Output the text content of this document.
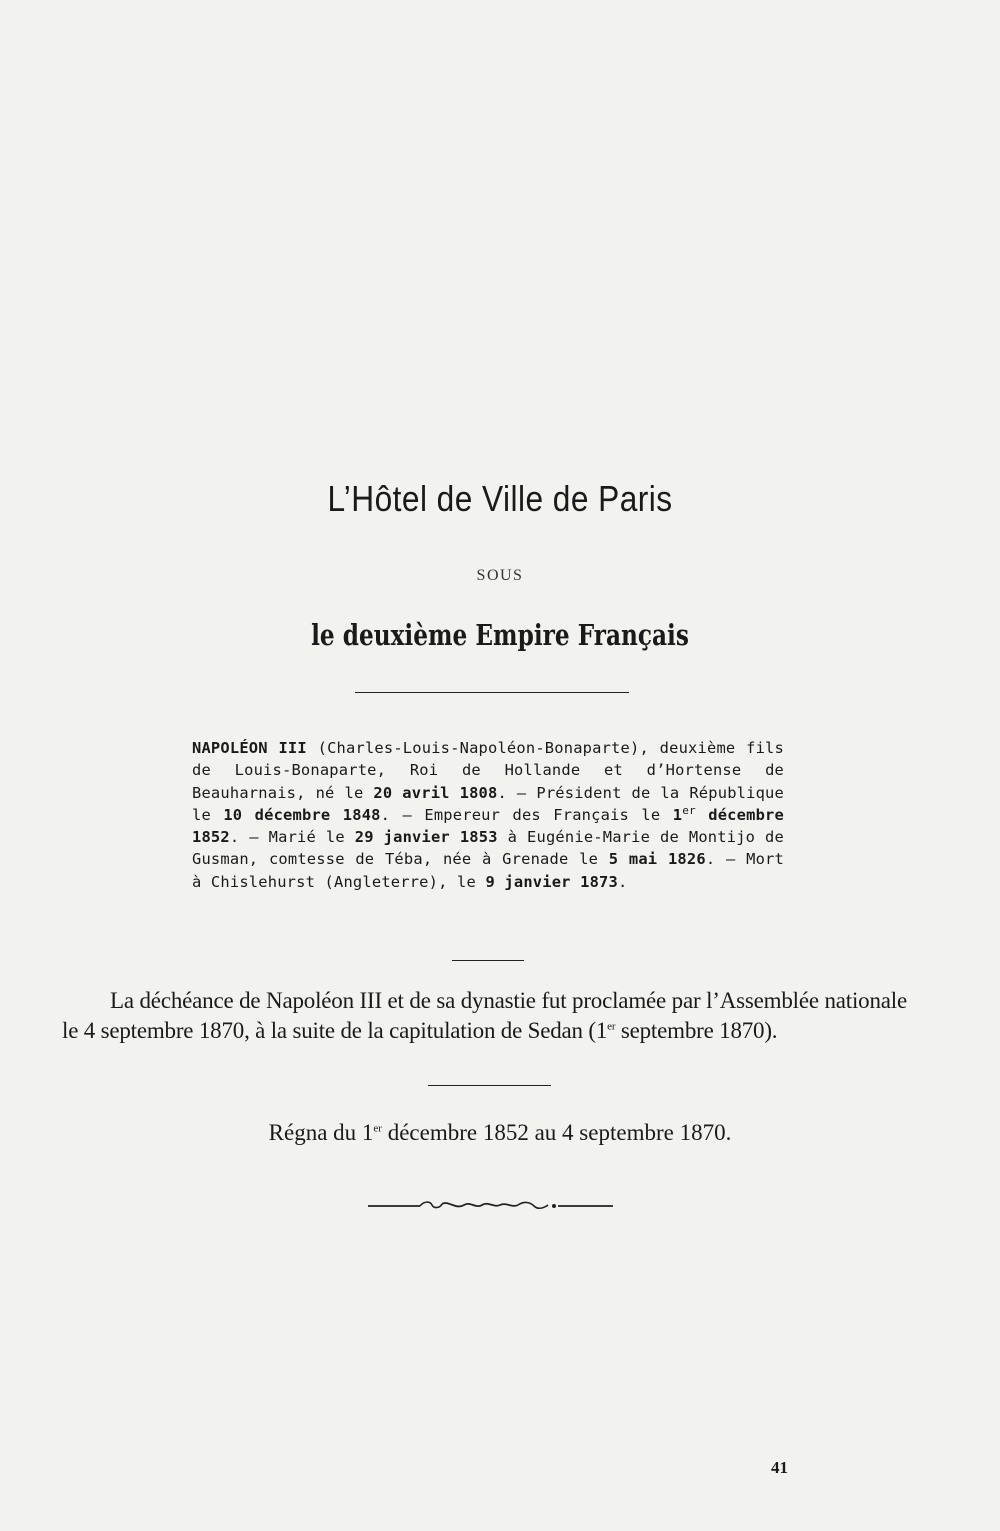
L’Hôtel de Ville de Paris
SOUS
le deuxième Empire Français

NAPOLÉON III (Charles-Louis-Napoléon-Bonaparte), deuxième fils de Louis-Bonaparte, Roi de Hollande et d’Hortense de Beauharnais, né le 20 avril 1808. — Président de la République le 10 décembre 1848. — Empereur des Français le 1er décembre 1852. — Marié le 29 janvier 1853 à Eugénie-Marie de Montijo de Gusman, comtesse de Téba, née à Grenade le 5 mai 1826. — Mort à Chislehurst (Angleterre), le 9 janvier 1873.

La déchéance de Napoléon III et de sa dynastie fut proclamée par l’Assemblée nationale le 4 septembre 1870, à la suite de la capitulation de Sedan (1er septembre 1870).

Régna du 1er décembre 1852 au 4 septembre 1870.
41
